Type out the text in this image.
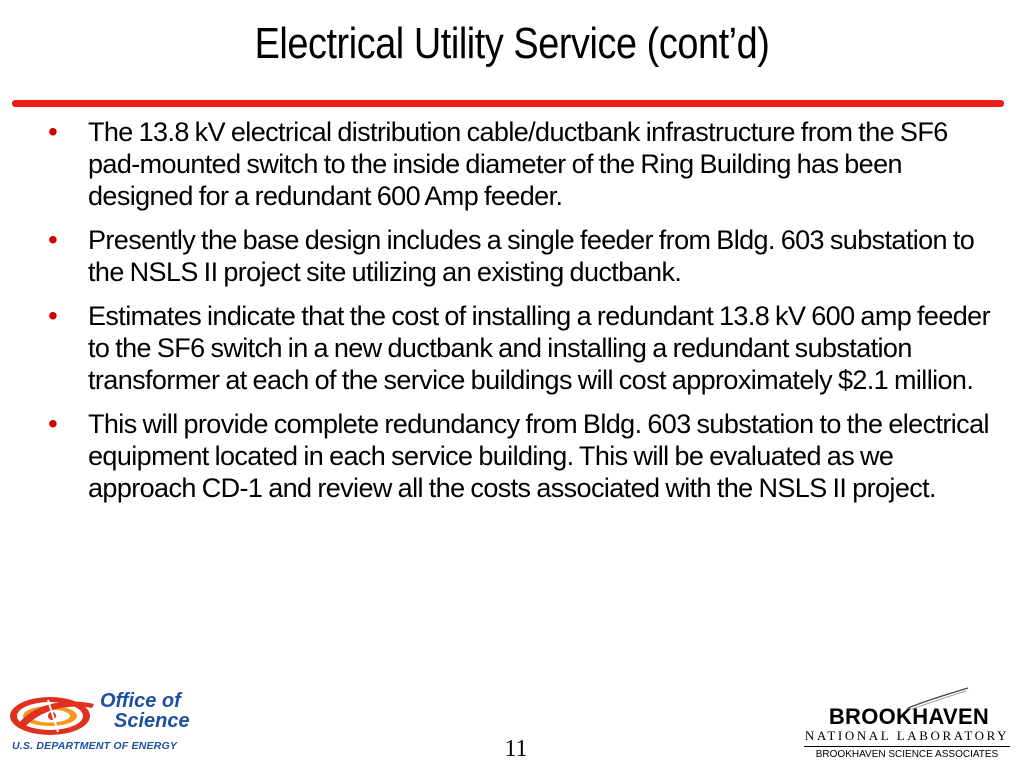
Electrical Utility Service (cont’d)
• The 13.8 kV electrical distribution cable/ductbank infrastructure from the SF6 pad-mounted switch to the inside diameter of the Ring Building has been designed for a redundant 600 Amp feeder.
• Presently the base design includes a single feeder from Bldg. 603 substation to the NSLS II project site utilizing an existing ductbank.
• Estimates indicate that the cost of installing a redundant 13.8 kV 600 amp feeder to the SF6 switch in a new ductbank and installing a redundant substation transformer at each of the service buildings will cost approximately $2.1 million.
• This will provide complete redundancy from Bldg. 603 substation to the electrical equipment located in each service building. This will be evaluated as we approach CD-1 and review all the costs associated with the NSLS II project.
Office of
Science
U.S. DEPARTMENT OF ENERGY	11
BROOKHAVEN
NATIONAL LABORATORY
BROOKHAVEN SCIENCE ASSOCIATES
